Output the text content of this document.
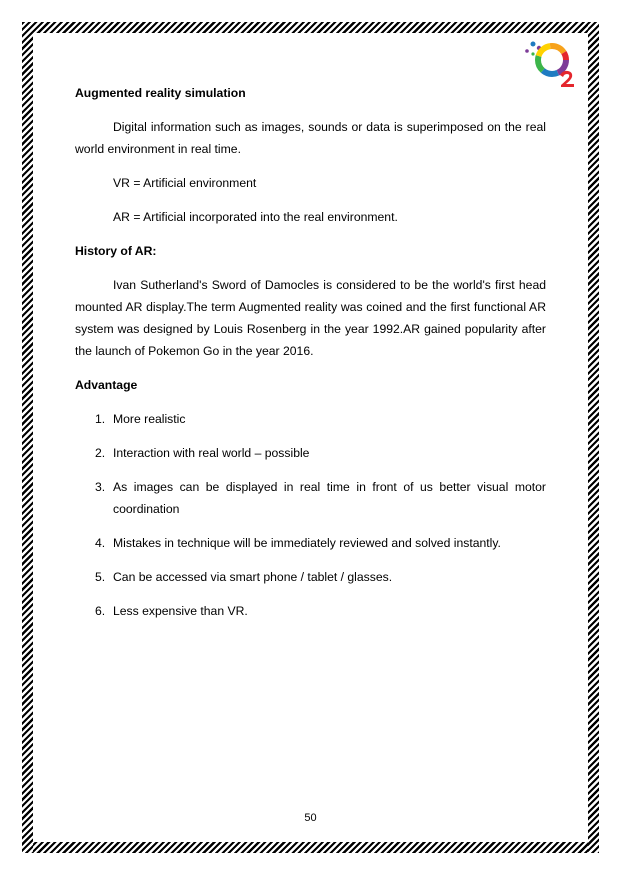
Augmented reality simulation

Digital information such as images, sounds or data is superimposed on the real world environment in real time.

VR = Artificial environment

AR = Artificial incorporated into the real environment.

History of AR:

Ivan Sutherland's Sword of Damocles is considered to be the world's first head mounted AR display.The term Augmented reality was coined and the first functional AR system was designed by Louis Rosenberg in the year 1992.AR gained popularity after the launch of Pokemon Go in the year 2016.

Advantage

1. More realistic
2. Interaction with real world – possible
3. As images can be displayed in real time in front of us better visual motor coordination
4. Mistakes in technique will be immediately reviewed and solved instantly.
5. Can be accessed via smart phone / tablet / glasses.
6. Less expensive than VR.
50
